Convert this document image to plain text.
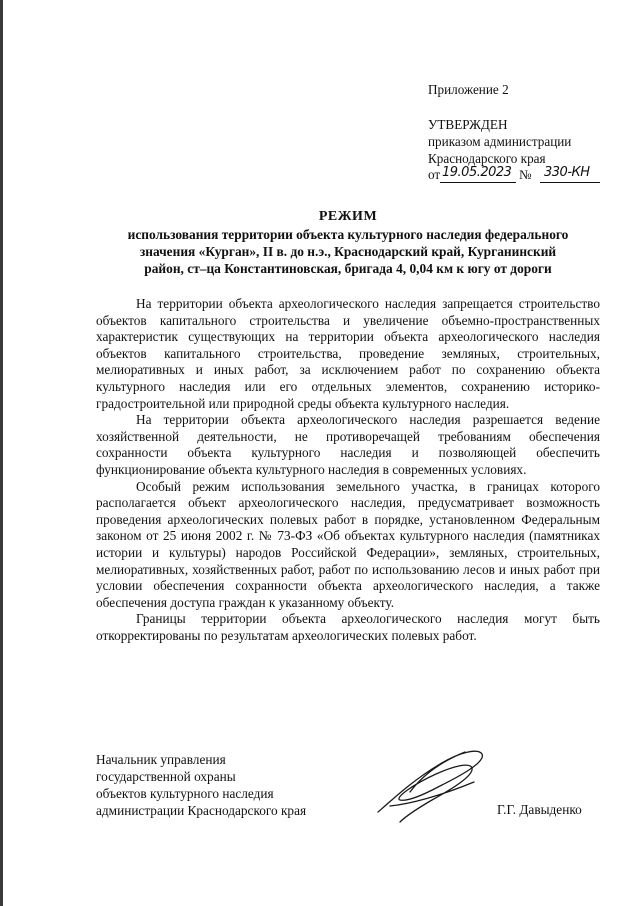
Приложение 2
УТВЕРЖДЕН
приказом администрации
Краснодарского края
от 19.05.2023 № 330-КН
РЕЖИМ
использования территории объекта культурного наследия федерального
значения «Курган», II в. до н.э., Краснодарский край, Курганинский
район, ст–ца Константиновская, бригада 4, 0,04 км к югу от дороги

На территории объекта археологического наследия запрещается строительство объектов капитального строительства и увеличение объемно-пространственных характеристик существующих на территории объекта археологического наследия объектов капитального строительства, проведение земляных, строительных, мелиоративных и иных работ, за исключением работ по сохранению объекта культурного наследия или его отдельных элементов, сохранению историко-градостроительной или природной среды объекта культурного наследия.

На территории объекта археологического наследия разрешается ведение хозяйственной деятельности, не противоречащей требованиям обеспечения сохранности объекта культурного наследия и позволяющей обеспечить функционирование объекта культурного наследия в современных условиях.

Особый режим использования земельного участка, в границах которого располагается объект археологического наследия, предусматривает возможность проведения археологических полевых работ в порядке, установленном Федеральным законом от 25 июня 2002 г. № 73-ФЗ «Об объектах культурного наследия (памятниках истории и культуры) народов Российской Федерации», земляных, строительных, мелиоративных, хозяйственных работ, работ по использованию лесов и иных работ при условии обеспечения сохранности объекта археологического наследия, а также обеспечения доступа граждан к указанному объекту.

Границы территории объекта археологического наследия могут быть откорректированы по результатам археологических полевых работ.

Начальник управления
государственной охраны
объектов культурного наследия
администрации Краснодарского края	Г.Г. Давыденко
